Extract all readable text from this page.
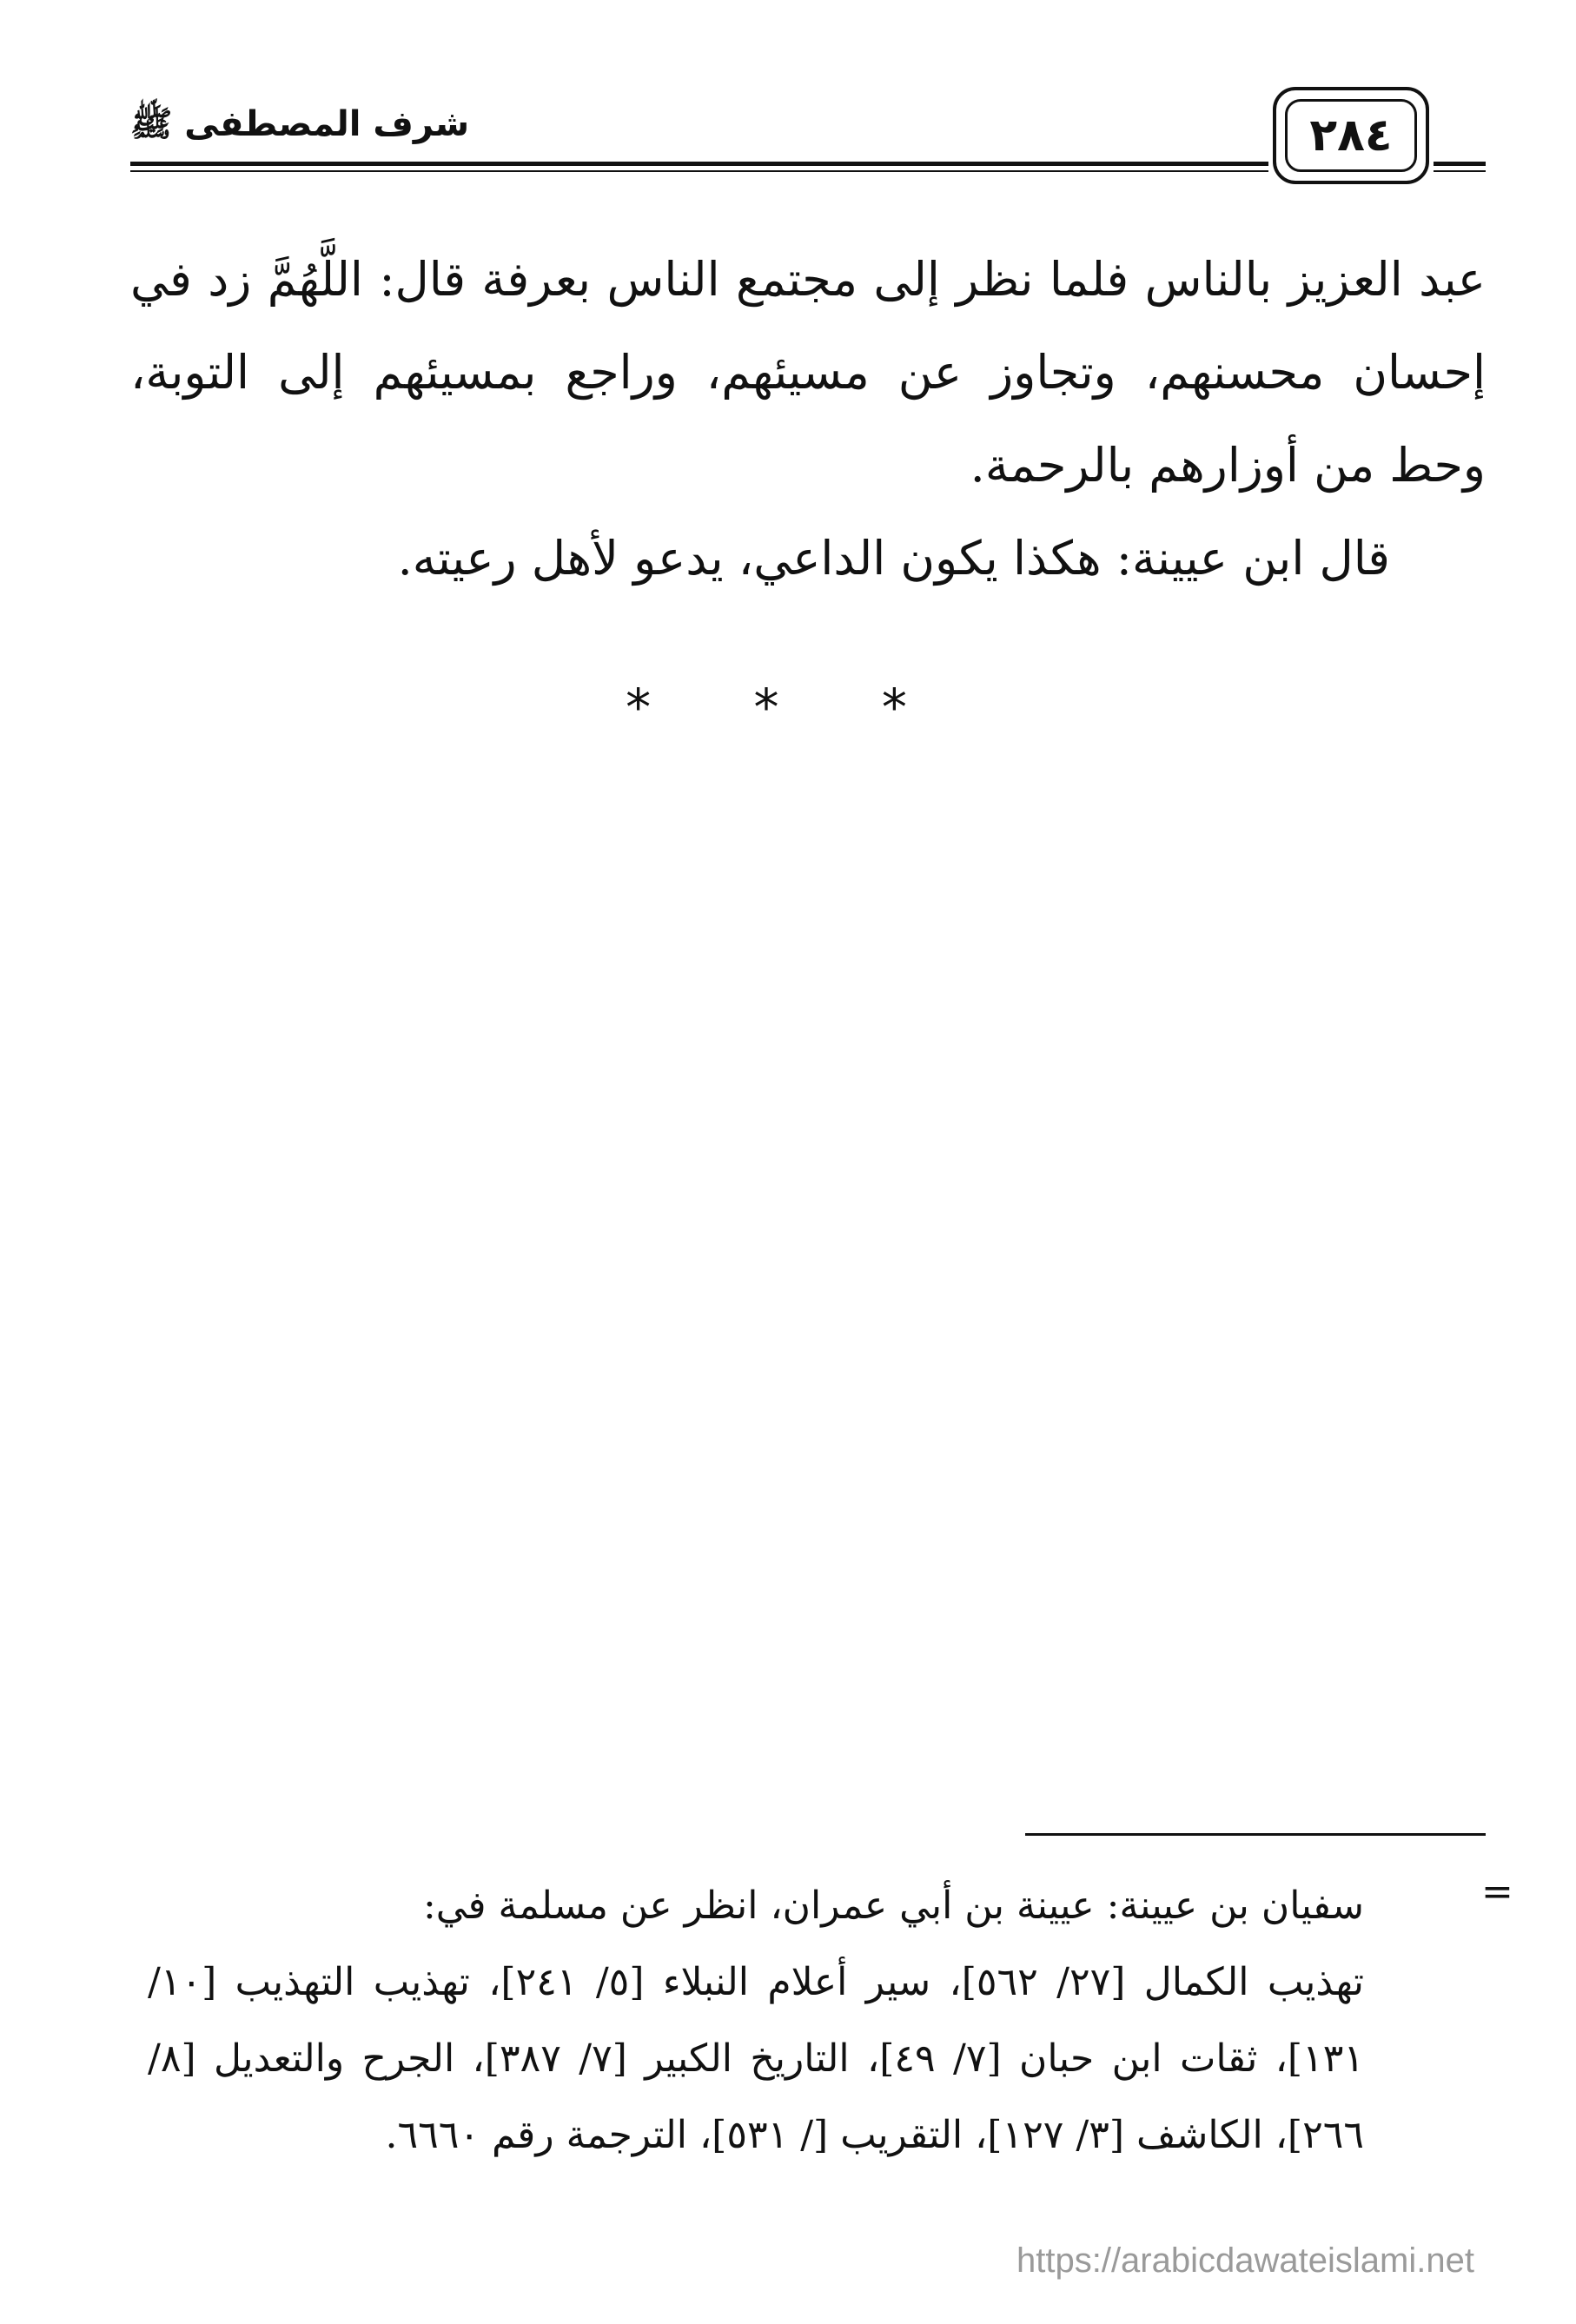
شرف المصطفى ﷺ	٢٨٤

عبد العزيز بالناس فلما نظر إلى مجتمع الناس بعرفة قال: اللَّهُمَّ زد في إحسان محسنهم، وتجاوز عن مسيئهم، وراجع بمسيئهم إلى التوبة، وحط من أوزارهم بالرحمة.

قال ابن عيينة: هكذا يكون الداعي، يدعو لأهل رعيته.

* * *
=

سفيان بن عيينة: عيينة بن أبي عمران، انظر عن مسلمة في:

تهذيب الكمال [٢٧/ ٥٦٢]، سير أعلام النبلاء [٥/ ٢٤١]، تهذيب التهذيب [١٠/ ١٣١]، ثقات ابن حبان [٧/ ٤٩]، التاريخ الكبير [٧/ ٣٨٧]، الجرح والتعديل [٨/ ٢٦٦]، الكاشف [٣/ ١٢٧]، التقريب [/ ٥٣١]، الترجمة رقم ٦٦٦٠.

https://arabicdawateislami.net
